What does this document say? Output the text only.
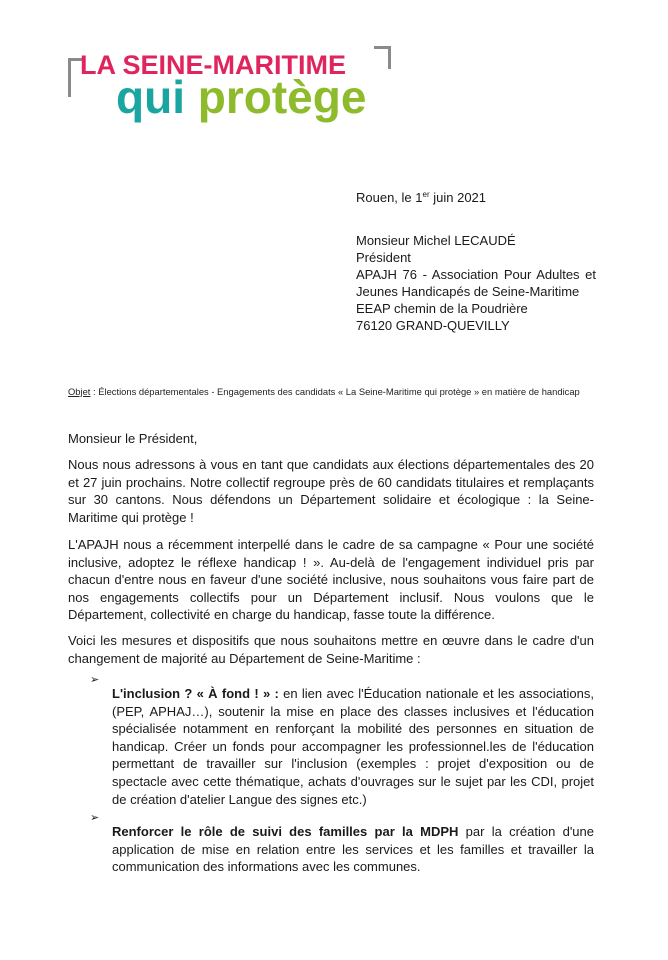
LA SEINE-MARITIME
qui protège
Rouen, le 1er juin 2021
Monsieur Michel LECAUDÉ
Président
APAJH 76 - Association Pour Adultes et Jeunes Handicapés de Seine-Maritime
EEAP chemin de la Poudrière
76120 GRAND-QUEVILLY
Objet : Élections départementales - Engagements des candidats « La Seine-Maritime qui protège » en matière de handicap
Monsieur le Président,

Nous nous adressons à vous en tant que candidats aux élections départementales des 20 et 27 juin prochains. Notre collectif regroupe près de 60 candidats titulaires et remplaçants sur 30 cantons. Nous défendons un Département solidaire et écologique : la Seine-Maritime qui protège !

L'APAJH nous a récemment interpellé dans le cadre de sa campagne « Pour une société inclusive, adoptez le réflexe handicap ! ». Au-delà de l'engagement individuel pris par chacun d'entre nous en faveur d'une société inclusive, nous souhaitons vous faire part de nos engagements collectifs pour un Département inclusif. Nous voulons que le Département, collectivité en charge du handicap, fasse toute la différence.

Voici les mesures et dispositifs que nous souhaitons mettre en œuvre dans le cadre d'un changement de majorité au Département de Seine-Maritime :

➢

L'inclusion ? « À fond ! » : en lien avec l'Éducation nationale et les associations, (PEP, APHAJ…), soutenir la mise en place des classes inclusives et l'éducation spécialisée notamment en renforçant la mobilité des personnes en situation de handicap. Créer un fonds pour accompagner les professionnel.les de l'éducation permettant de travailler sur l'inclusion (exemples : projet d'exposition ou de spectacle avec cette thématique, achats d'ouvrages sur le sujet par les CDI, projet de création d'atelier Langue des signes etc.)

➢

Renforcer le rôle de suivi des familles par la MDPH par la création d'une application de mise en relation entre les services et les familles et travailler la communication des informations avec les communes.
